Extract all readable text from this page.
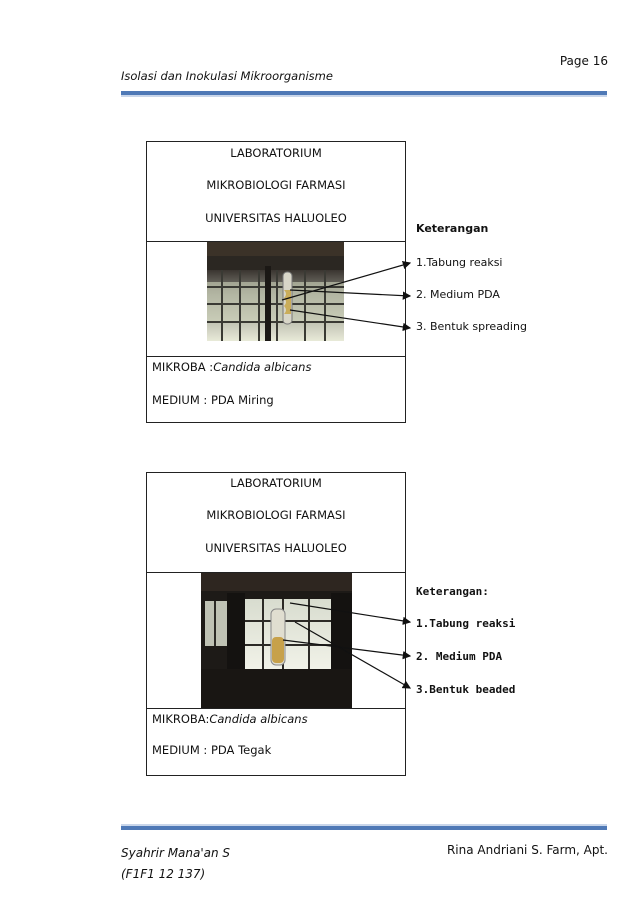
Page 16
Isolasi dan Inokulasi Mikroorganisme

LABORATORIUM

MIKROBIOLOGI FARMASI

UNIVERSITAS HALUOLEO

MIKROBA :Candida albicans

MEDIUM : PDA Miring

Keterangan
1.Tabung reaksi
2. Medium PDA
3. Bentuk spreading

LABORATORIUM

MIKROBIOLOGI FARMASI

UNIVERSITAS HALUOLEO

MIKROBA:Candida albicans

MEDIUM : PDA Tegak

Keterangan:
1.Tabung reaksi
2. Medium PDA
3.Bentuk beaded
Syahrir Mana'an S
(F1F1 12 137)
Rina Andriani S. Farm, Apt.
